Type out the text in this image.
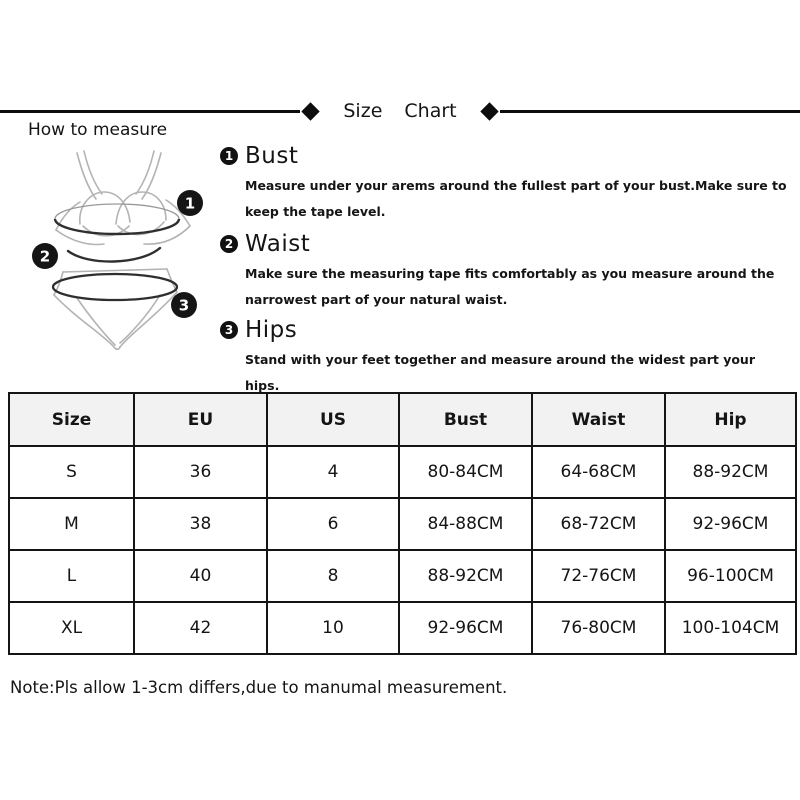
Size Chart
How to measure
1
2
3
1 Bust

Measure under your arems around the fullest part of your bust.Make sure to keep the tape level.

2 Waist

Make sure the measuring tape fits comfortably as you measure around the narrowest part of your natural waist.

3 Hips

Stand with your feet together and measure around the widest part your hips.

Size	EU	US	Bust	Waist	Hip
S	36	4	80-84CM	64-68CM	88-92CM
M	38	6	84-88CM	68-72CM	92-96CM
L	40	8	88-92CM	72-76CM	96-100CM
XL	42	10	92-96CM	76-80CM	100-104CM
Note:Pls allow 1-3cm differs,due to manumal measurement.
